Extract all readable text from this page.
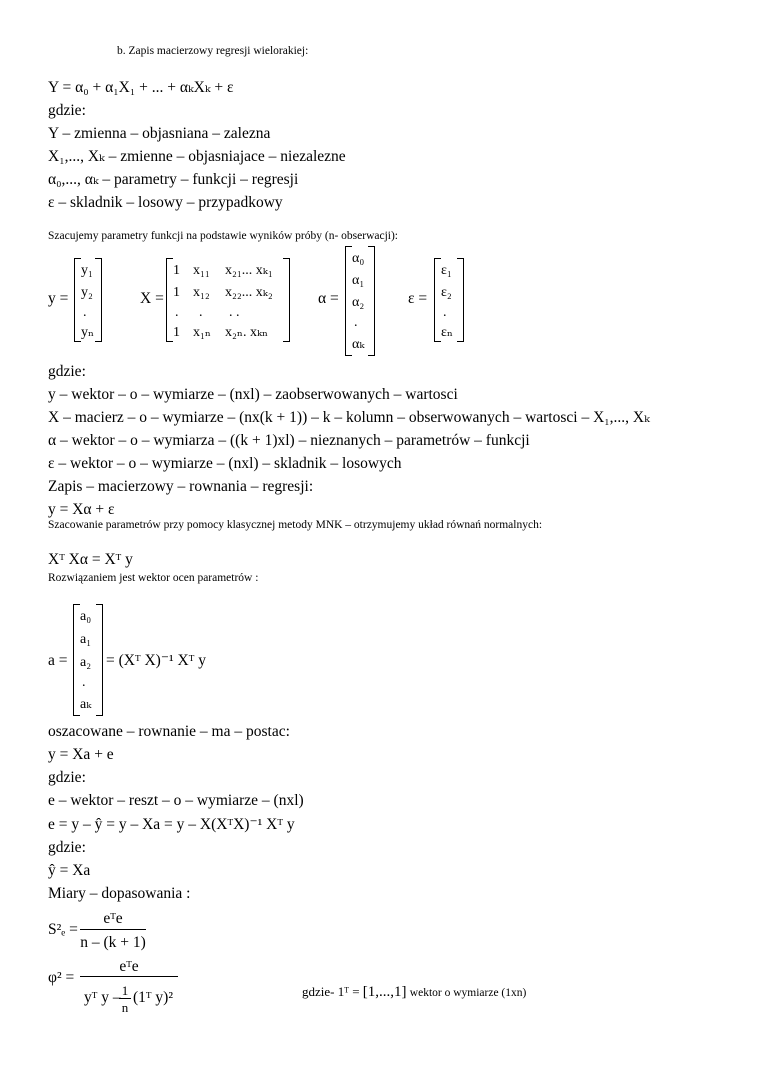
b. Zapis macierzowy regresji wielorakiej:
Y = α₀ + α₁X₁ + ... + αₖXₖ + ε
gdzie:
Y – zmienna – objasniana – zalezna
X₁,..., Xₖ – zmienne – objasniajace – niezalezne
α₀,..., αₖ – parametry – funkcji – regresji
ε – skladnik – losowy – przypadkowy
Szacujemy parametry funkcji na podstawie wyników próby (n- obserwacji):
y =
y₁
y₂
.
yₙ
X =
1 x₁₁ x₂₁... xₖ₁
1 x₁₂ x₂₂... xₖ₂
. . . .
1 x₁ₙ x₂ₙ. xₖₙ
α =
α₀
α₁
α₂
.
αₖ
ε =
ε₁
ε₂
.
εₙ
gdzie:
y – wektor – o – wymiarze – (nxl) – zaobserwowanych – wartosci
X – macierz – o – wymiarze – (nx(k + 1)) – k – kolumn – obserwowanych – wartosci – X₁,..., Xₖ
α – wektor – o – wymiarza – ((k + 1)xl) – nieznanych – parametrów – funkcji
ε – wektor – o – wymiarze – (nxl) – skladnik – losowych
Zapis – macierzowy – rownania – regresji:
y = Xα + ε
Szacowanie parametrów przy pomocy klasycznej metody MNK – otrzymujemy układ równań normalnych:
Xᵀ Xα = Xᵀ y
Rozwiązaniem jest wektor ocen parametrów :
a =
a₀
a₁
a₂
.
aₖ
= (Xᵀ X)⁻¹ Xᵀ y
oszacowane – rownanie – ma – postac:
y = Xa + e
gdzie:
e – wektor – reszt – o – wymiarze – (nxl)
e = y – ŷ = y – Xa = y – X(XᵀX)⁻¹ Xᵀ y
gdzie:
ŷ = Xa
Miary – dopasowania :
S²ₑ =
eᵀe
n – (k + 1)
φ² =
eᵀe
yᵀ y – 1
n
(1ᵀ y)²	gdzie- 1ᵀ = [1,...,1] wektor o wymiarze (1xn)
